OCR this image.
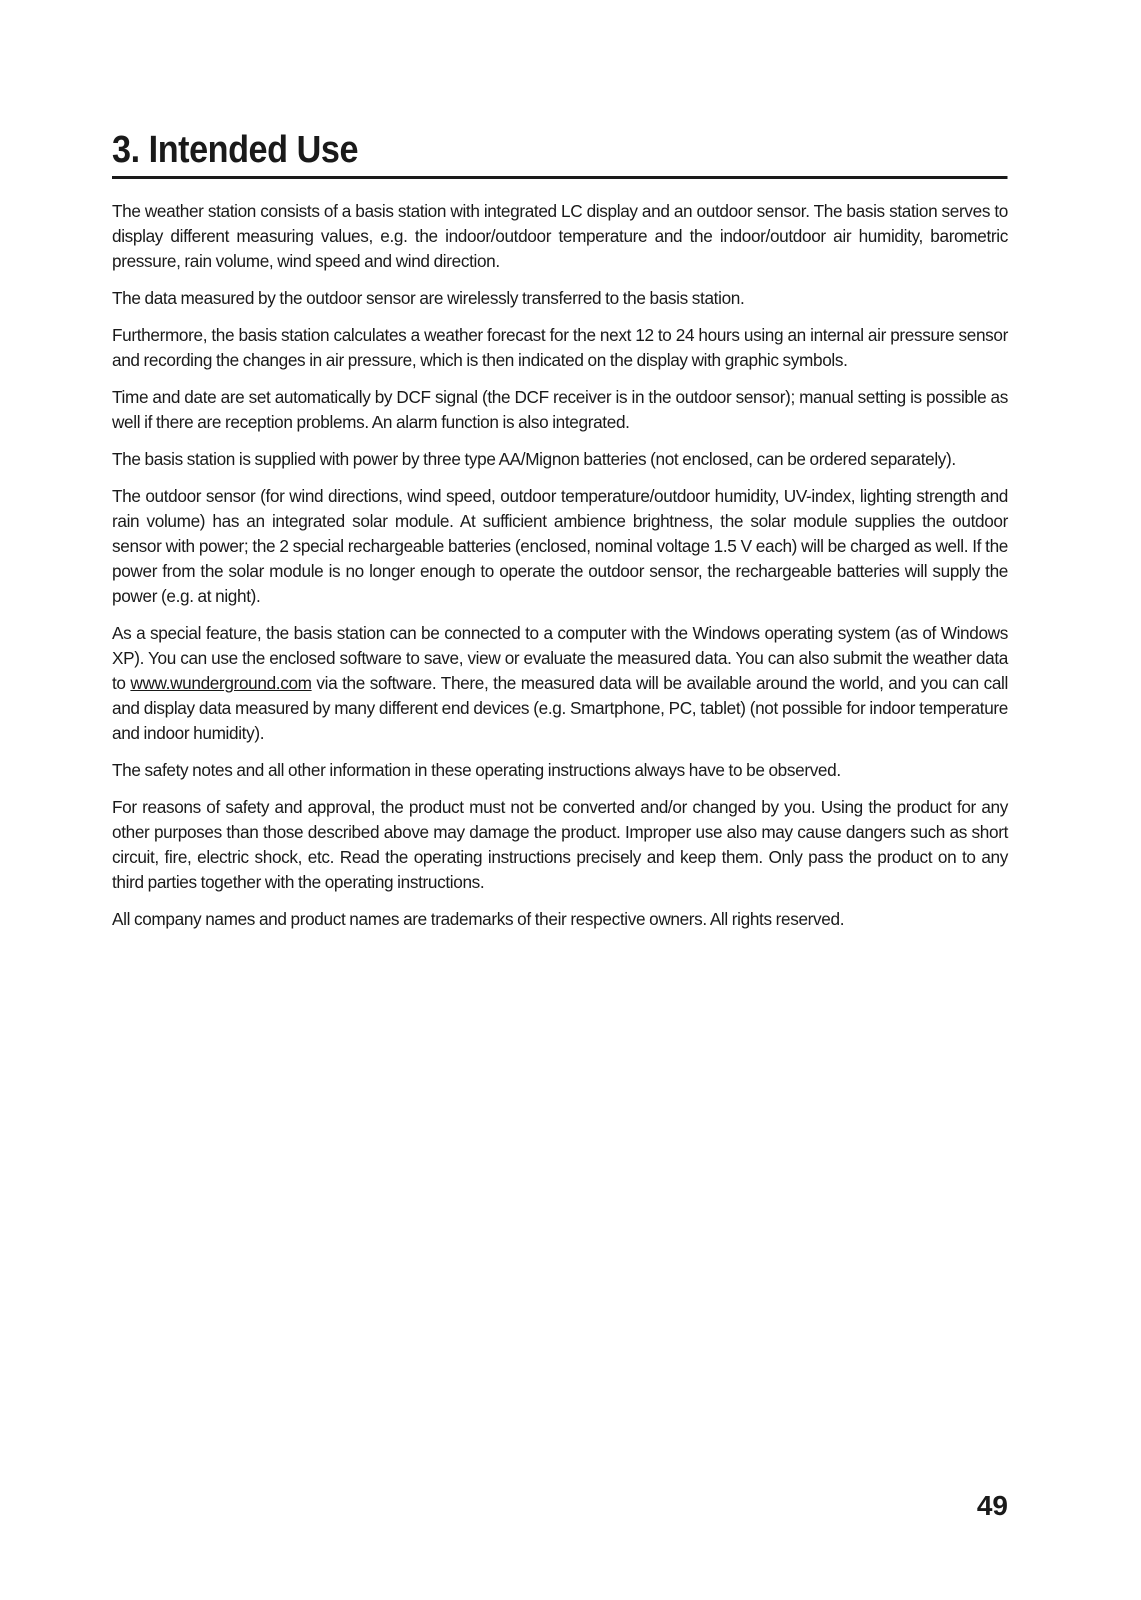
3. Intended Use

The weather station consists of a basis station with integrated LC display and an outdoor sensor. The basis station serves to display different measuring values, e.g. the indoor/outdoor temperature and the indoor/outdoor air humidity, barometric pressure, rain volume, wind speed and wind direction.

The data measured by the outdoor sensor are wirelessly transferred to the basis station.

Furthermore, the basis station calculates a weather forecast for the next 12 to 24 hours using an internal air pressure sensor and recording the changes in air pressure, which is then indicated on the display with graphic symbols.

Time and date are set automatically by DCF signal (the DCF receiver is in the outdoor sensor); manual setting is possible as well if there are reception problems. An alarm function is also integrated.

The basis station is supplied with power by three type AA/Mignon batteries (not enclosed, can be ordered separately).

The outdoor sensor (for wind directions, wind speed, outdoor temperature/outdoor humidity, UV-index, lighting strength and rain volume) has an integrated solar module. At sufficient ambience brightness, the solar module supplies the outdoor sensor with power; the 2 special rechargeable batteries (enclosed, nominal voltage 1.5 V each) will be charged as well. If the power from the solar module is no longer enough to operate the outdoor sensor, the rechargeable batteries will supply the power (e.g. at night).

As a special feature, the basis station can be connected to a computer with the Windows operating system (as of Windows XP). You can use the enclosed software to save, view or evaluate the measured data. You can also submit the weather data to www.wunderground.com via the software. There, the measured data will be available around the world, and you can call and display data measured by many different end devices (e.g. Smartphone, PC, tablet) (not possible for indoor temperature and indoor humidity).

The safety notes and all other information in these operating instructions always have to be observed.

For reasons of safety and approval, the product must not be converted and/or changed by you. Using the product for any other purposes than those described above may damage the product. Improper use also may cause dangers such as short circuit, fire, electric shock, etc. Read the operating instructions precisely and keep them. Only pass the product on to any third parties together with the operating instructions.

All company names and product names are trademarks of their respective owners. All rights reserved.

49
